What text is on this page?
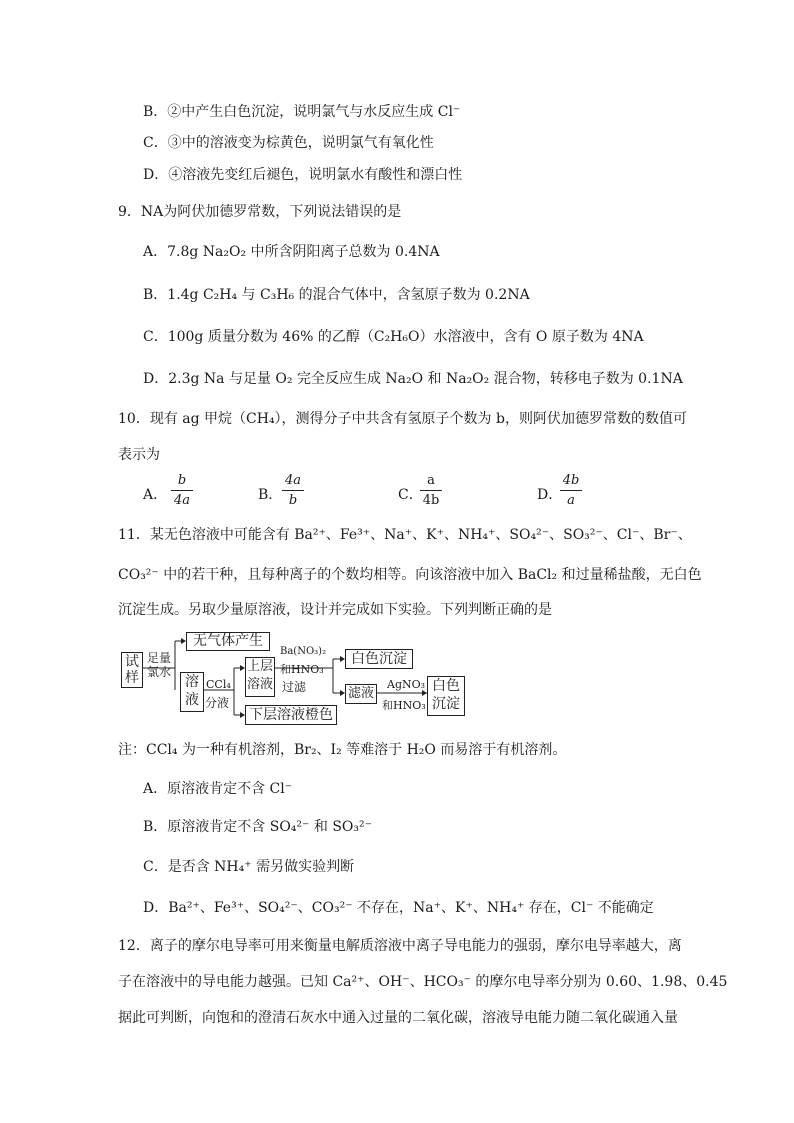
B．②中产生白色沉淀，说明氯气与水反应生成 Cl⁻
C．③中的溶液变为棕黄色，说明氯气有氧化性
D．④溶液先变红后褪色，说明氯水有酸性和漂白性
9．NA为阿伏加德罗常数，下列说法错误的是
A．7.8g Na₂O₂ 中所含阴阳离子总数为 0.4NA
B．1.4g C₂H₄ 与 C₃H₆ 的混合气体中，含氢原子数为 0.2NA
C．100g 质量分数为 46% 的乙醇（C₂H₆O）水溶液中，含有 O 原子数为 4NA
D．2.3g Na 与足量 O₂ 完全反应生成 Na₂O 和 Na₂O₂ 混合物，转移电子数为 0.1NA
10．现有 ag 甲烷（CH₄），测得分子中共含有氢原子个数为 b，则阿伏加德罗常数的数值可
表示为
A． $\frac{b}{4a}$	B． $\frac{4a}{b}$	C．
$\frac{a}{4b}$	D．
$\frac{4b}{a}$
11．某无色溶液中可能含有 Ba²⁺、Fe³⁺、Na⁺、K⁺、NH₄⁺、SO₄²⁻、SO₃²⁻、Cl⁻、Br⁻、
CO₃²⁻ 中的若干种，且每种离子的个数均相等。向该溶液中加入 BaCl₂ 和过量稀盐酸，无白色
沉淀生成。另取少量原溶液，设计并完成如下实验。下列判断正确的是
试样
足量氯水
无气体产生
溶液
CCl₄
分液
上层溶液
Ba(NO₃)₂
和HNO₃
过滤
白色沉淀
滤液
AgNO₃
和HNO₃
白色沉淀
下层溶液橙色
注：CCl₄ 为一种有机溶剂，Br₂、I₂ 等难溶于 H₂O 而易溶于有机溶剂。
A．原溶液肯定不含 Cl⁻
B．原溶液肯定不含 SO₄²⁻ 和 SO₃²⁻
C．是否含 NH₄⁺ 需另做实验判断
D．Ba²⁺、Fe³⁺、SO₄²⁻、CO₃²⁻ 不存在，Na⁺、K⁺、NH₄⁺ 存在，Cl⁻ 不能确定
12．离子的摩尔电导率可用来衡量电解质溶液中离子导电能力的强弱，摩尔电导率越大，离
子在溶液中的导电能力越强。已知 Ca²⁺、OH⁻、HCO₃⁻ 的摩尔电导率分别为 0.60、1.98、0.45
据此可判断，向饱和的澄清石灰水中通入过量的二氧化碳，溶液导电能力随二氧化碳通入量
